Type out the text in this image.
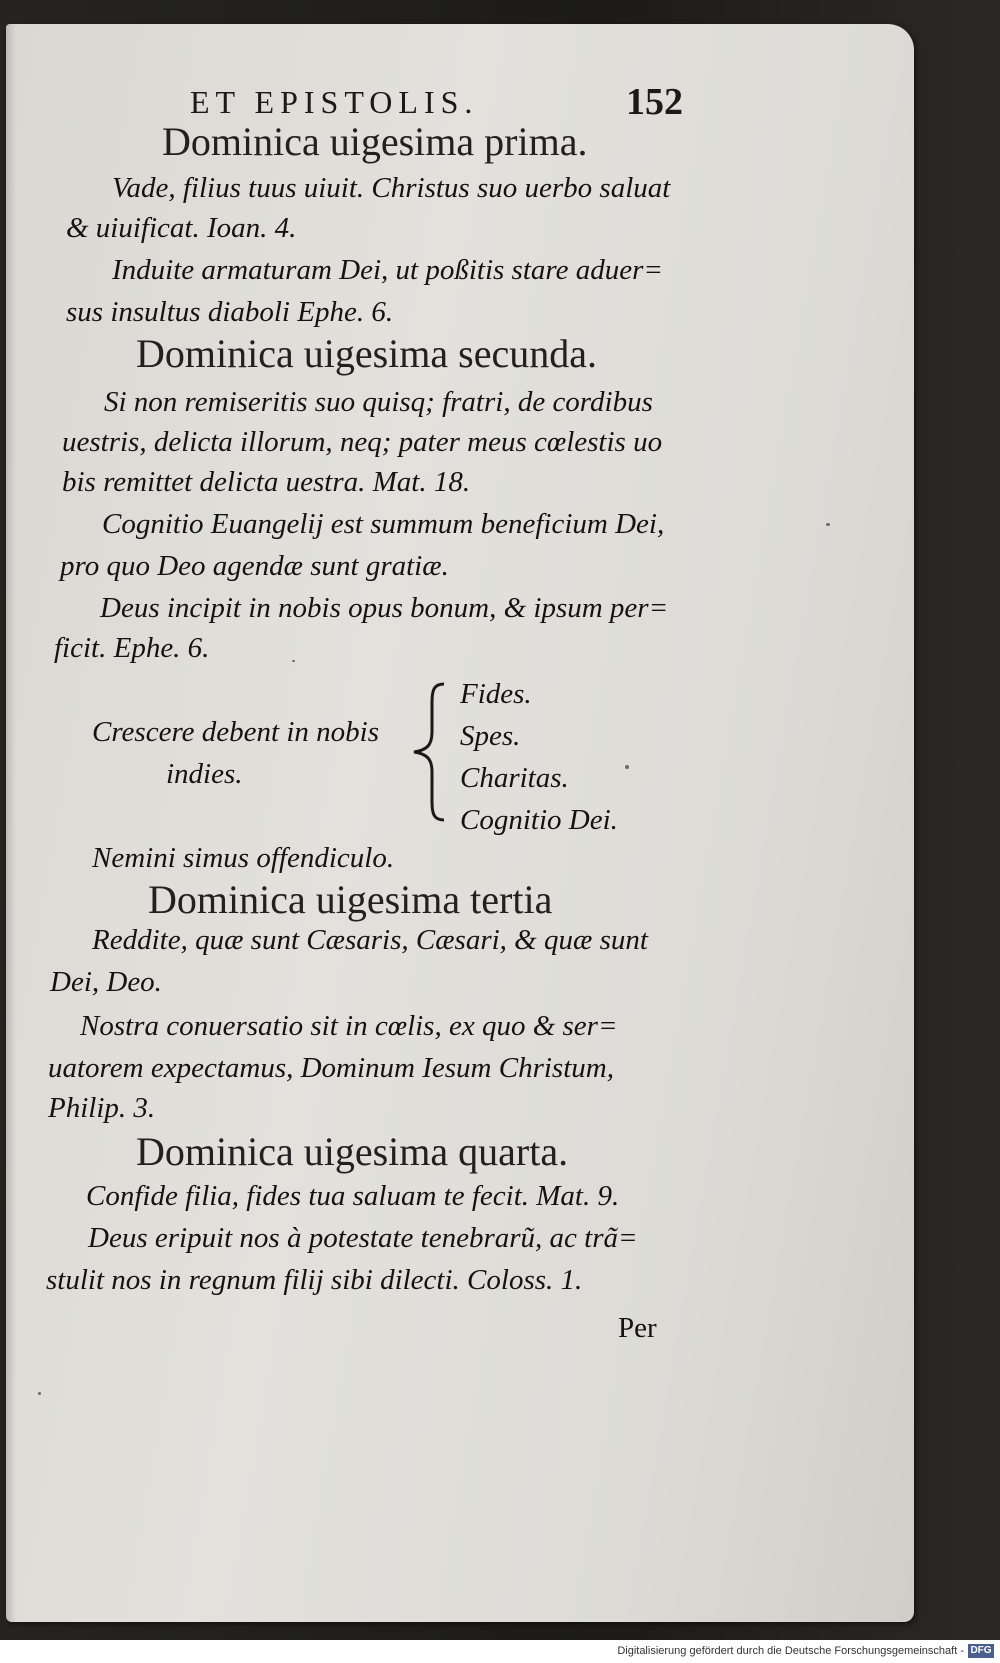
ET EPISTOLIS.	152
Dominica uigesima prima.
Vade, filius tuus uiuit. Christus suo uerbo saluat
& uiuificat. Ioan. 4.
Induite armaturam Dei, ut poßitis stare aduer=
sus insultus diaboli Ephe. 6.
Dominica uigesima secunda.
Si non remiseritis suo quisq; fratri, de cordibus
uestris, delicta illorum, neq; pater meus cœlestis uo
bis remittet delicta uestra. Mat. 18.
Cognitio Euangelij est summum beneficium Dei,
pro quo Deo agendæ sunt gratiæ.
Deus incipit in nobis opus bonum, & ipsum per=
ficit. Ephe. 6.
Crescere debent in nobis
indies.
Fides.
Spes.
Charitas.
Cognitio Dei.
Nemini simus offendiculo.
Dominica uigesima tertia
Reddite, quæ sunt Cæsaris, Cæsari, & quæ sunt
Dei, Deo.
Nostra conuersatio sit in cœlis, ex quo & ser=
uatorem expectamus, Dominum Iesum Christum,
Philip. 3.
Dominica uigesima quarta.
Confide filia, fides tua saluam te fecit. Mat. 9.
Deus eripuit nos à potestate tenebrarũ, ac trã=
stulit nos in regnum filij sibi dilecti. Coloss. 1.
Per
Digitalisierung gefördert durch die Deutsche Forschungsgemeinschaft - DFG
